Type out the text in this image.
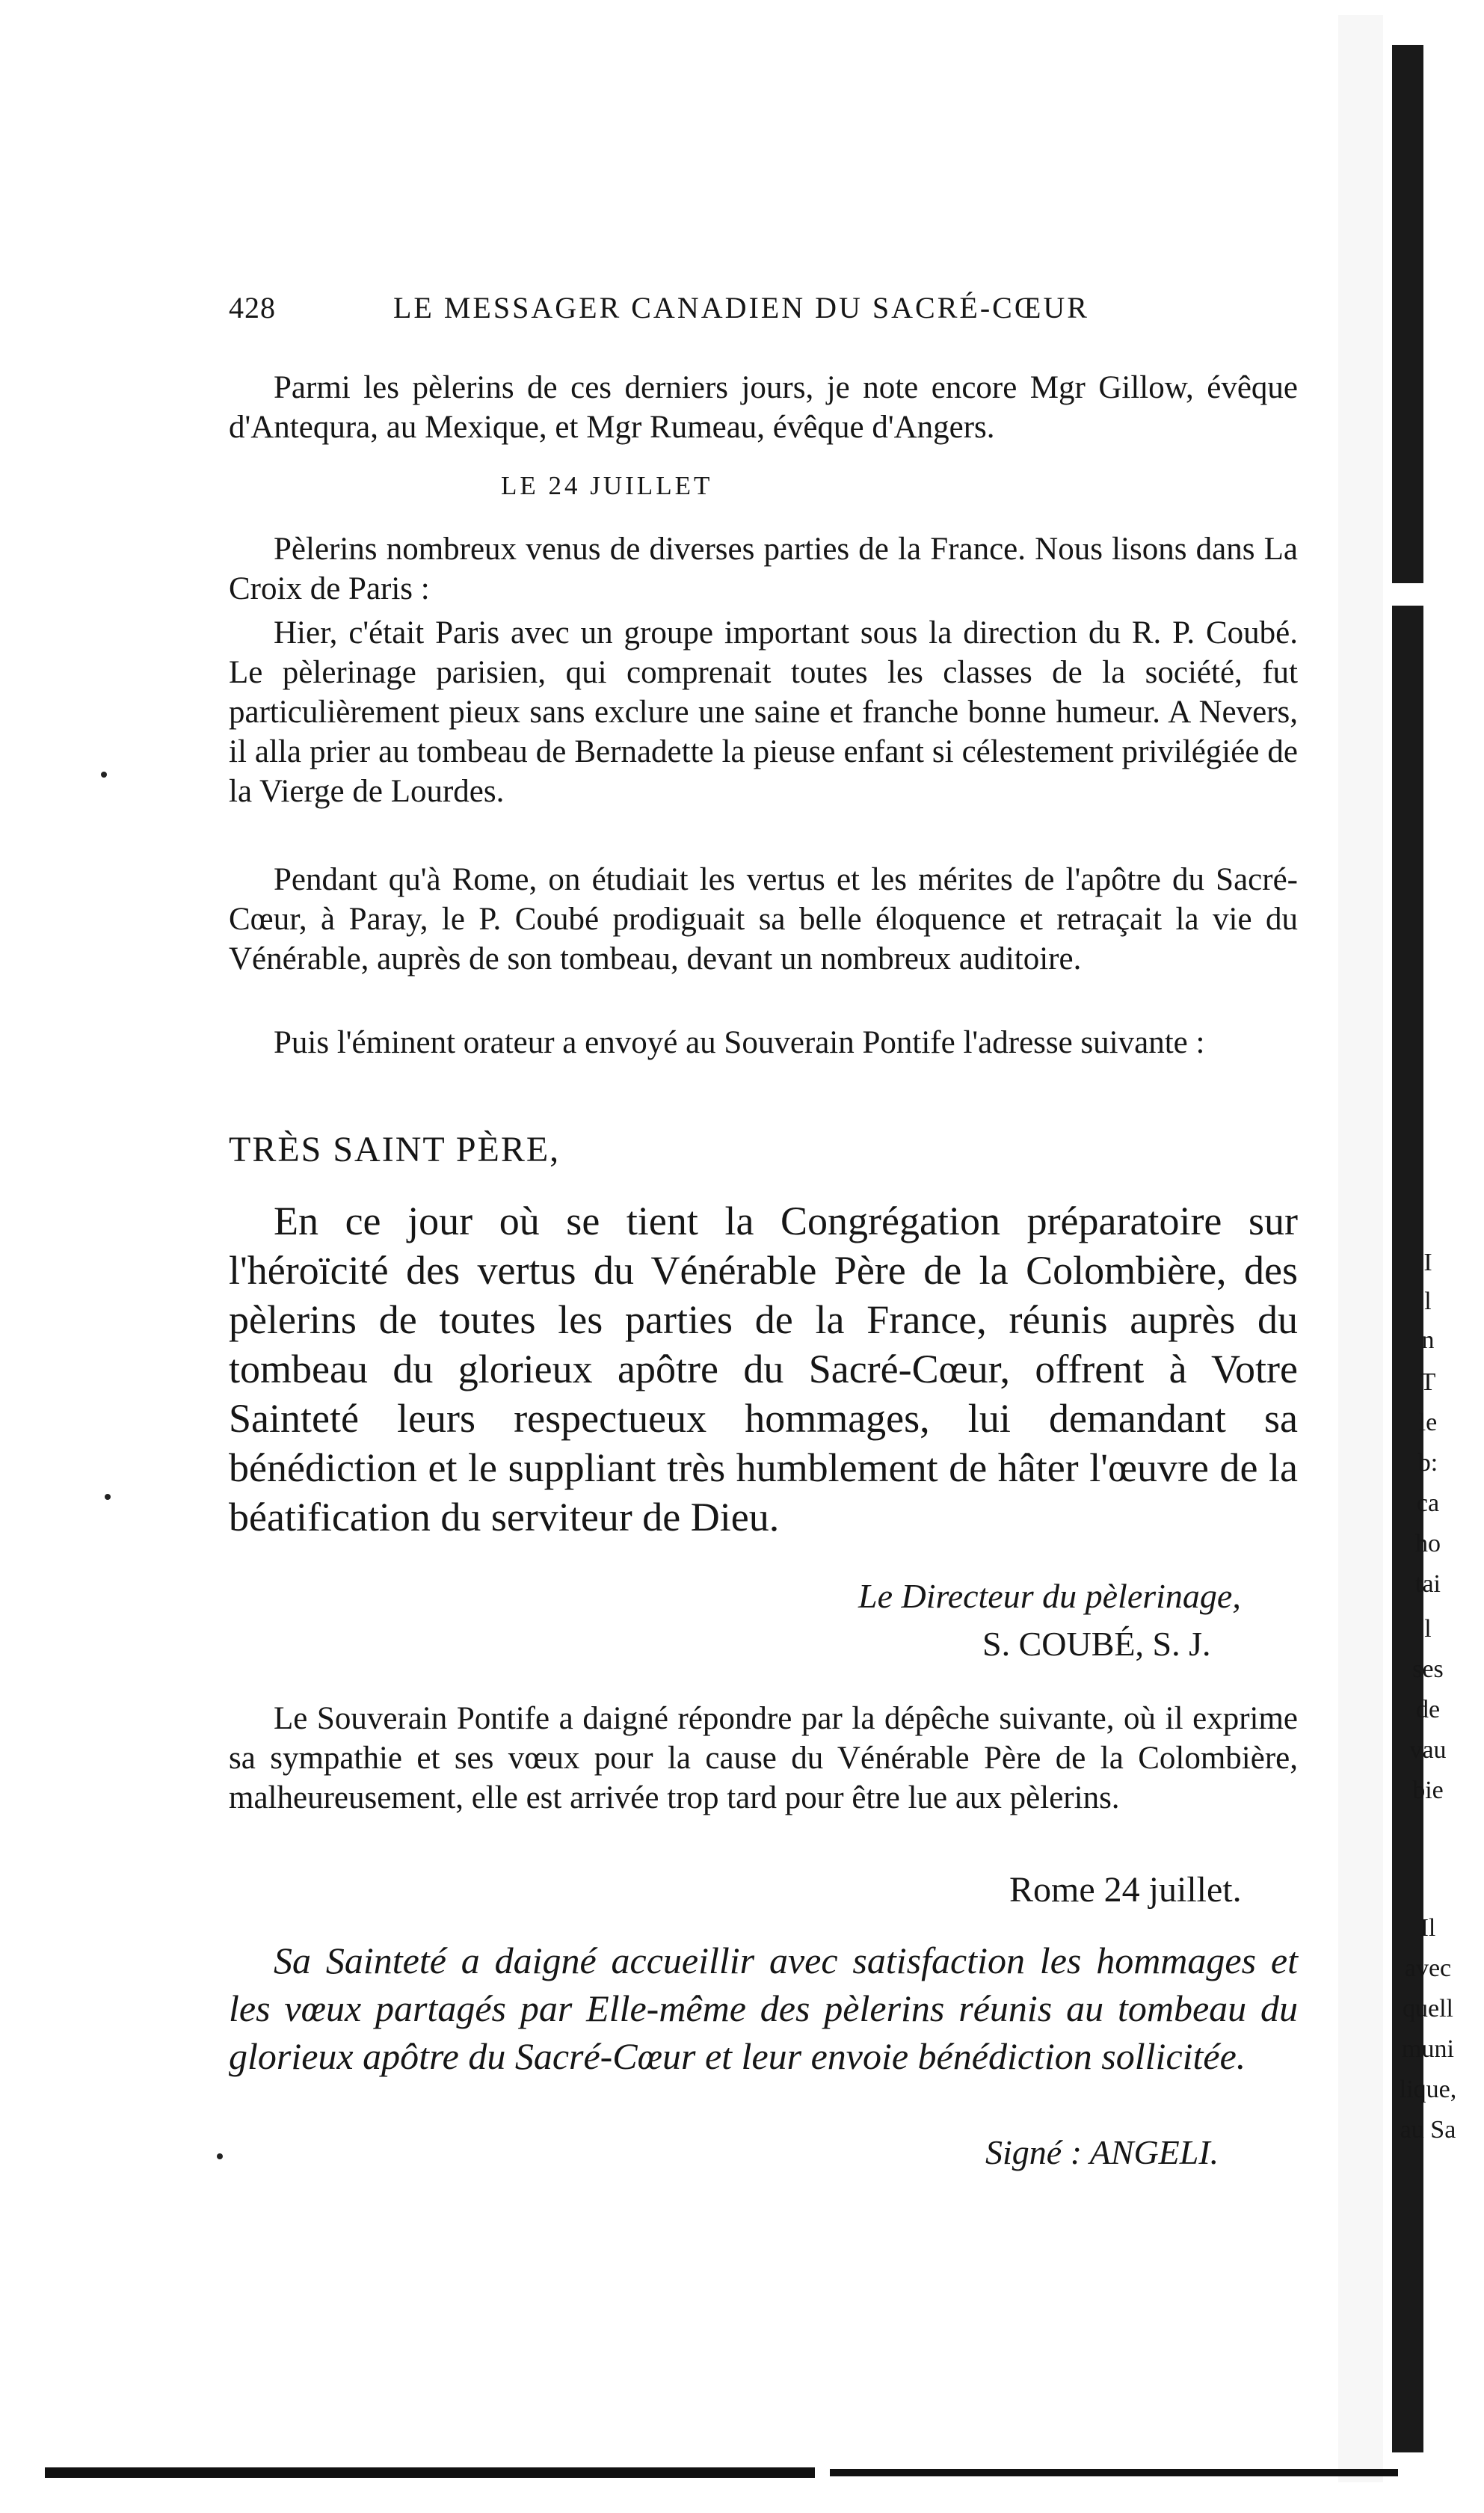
428	LE MESSAGER CANADIEN DU SACRÉ-CŒUR

Parmi les pèlerins de ces derniers jours, je note encore Mgr Gillow, évêque d'Antequra, au Mexique, et Mgr Rumeau, évêque d'Angers.

LE 24 JUILLET

Pèlerins nombreux venus de diverses parties de la France. Nous lisons dans La Croix de Paris :

Hier, c'était Paris avec un groupe important sous la direction du R. P. Coubé. Le pèlerinage parisien, qui comprenait toutes les classes de la société, fut particulièrement pieux sans exclure une saine et franche bonne humeur. A Nevers, il alla prier au tombeau de Bernadette la pieuse enfant si célestement privilégiée de la Vierge de Lourdes.

Pendant qu'à Rome, on étudiait les vertus et les mérites de l'apôtre du Sacré-Cœur, à Paray, le P. Coubé prodiguait sa belle éloquence et retraçait la vie du Vénérable, auprès de son tombeau, devant un nombreux auditoire.

Puis l'éminent orateur a envoyé au Souverain Pontife l'adresse suivante :

TRÈS SAINT PÈRE,

En ce jour où se tient la Congrégation préparatoire sur l'héroïcité des vertus du Vénérable Père de la Colombière, des pèlerins de toutes les parties de la France, réunis auprès du tombeau du glorieux apôtre du Sacré-Cœur, offrent à Votre Sainteté leurs respectueux hommages, lui demandant sa bénédiction et le suppliant très humblement de hâter l'œuvre de la béatification du serviteur de Dieu.

Le Directeur du pèlerinage,
S. COUBÉ, S. J.

Le Souverain Pontife a daigné répondre par la dépêche suivante, où il exprime sa sympathie et ses vœux pour la cause du Vénérable Père de la Colombière, malheureusement, elle est arrivée trop tard pour être lue aux pèlerins.

Rome 24 juillet.

Sa Sainteté a daigné accueillir avec satisfaction les hommages et les vœux partagés par Elle-même des pèlerins réunis au tombeau du glorieux apôtre du Sacré-Cœur et leur envoie bénédiction sollicitée.

Signé : ANGELI.
I
l
n
T
le
b:
ca
ho
tai
l
ses
de
vau
bie
Il
avec
quell
muni
lique,
au Sa
